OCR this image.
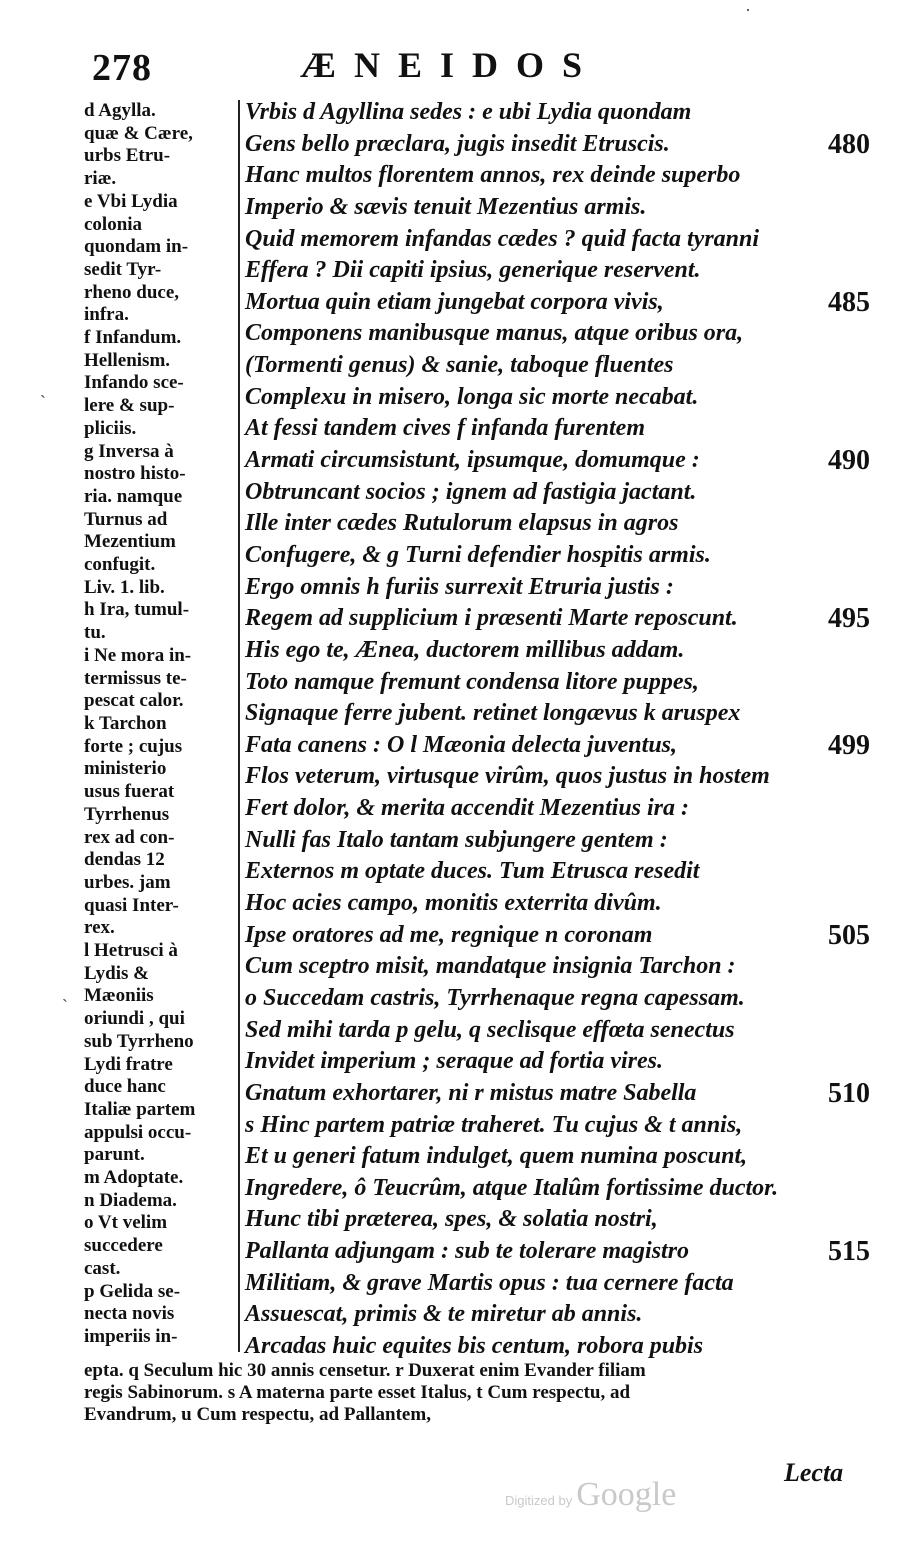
278	ÆNEIDOS
d Agylla.
quæ & Cære,
urbs Etru-
riæ.
e Vbi Lydia
colonia
quondam in-
sedit Tyr-
rheno duce,
infra.
f Infandum.
Hellenism.
Infando sce-
lere & sup-
pliciis.
g Inversa à
nostro histo-
ria. namque
Turnus ad
Mezentium
confugit.
Liv. 1. lib.
h Ira, tumul-
tu.
i Ne mora in-
termissus te-
pescat calor.
k Tarchon
forte ; cujus
ministerio
usus fuerat
Tyrrhenus
rex ad con-
dendas 12
urbes. jam
quasi Inter-
rex.
l Hetrusci à
Lydis &
Mæoniis
oriundi , qui
sub Tyrrheno
Lydi fratre
duce hanc
Italiæ partem
appulsi occu-
parunt.
m Adoptate.
n Diadema.
o Vt velim
succedere
cast.
p Gelida se-
necta novis
imperiis in-
Vrbis d Agyllina sedes : e ubi Lydia quondam
Gens bello præclara, jugis insedit Etruscis.	480
Hanc multos florentem annos, rex deinde superbo
Imperio & sævis tenuit Mezentius armis.
Quid memorem infandas cædes ? quid facta tyranni
Effera ? Dii capiti ipsius, generique reservent.
Mortua quin etiam jungebat corpora vivis,	485
Componens manibusque manus, atque oribus ora,
(Tormenti genus) & sanie, taboque fluentes
Complexu in misero, longa sic morte necabat.
At fessi tandem cives f infanda furentem
Armati circumsistunt, ipsumque, domumque :	490
Obtruncant socios ; ignem ad fastigia jactant.
Ille inter cædes Rutulorum elapsus in agros
Confugere, & g Turni defendier hospitis armis.
Ergo omnis h furiis surrexit Etruria justis :
Regem ad supplicium i præsenti Marte reposcunt.	495
His ego te, Ænea, ductorem millibus addam.
Toto namque fremunt condensa litore puppes,
Signaque ferre jubent. retinet longævus k aruspex
Fata canens : O l Mæonia delecta juventus,	499
Flos veterum, virtusque virûm, quos justus in hostem
Fert dolor, & merita accendit Mezentius ira :
Nulli fas Italo tantam subjungere gentem :
Externos m optate duces. Tum Etrusca resedit
Hoc acies campo, monitis exterrita divûm.
Ipse oratores ad me, regnique n coronam	505
Cum sceptro misit, mandatque insignia Tarchon :
o Succedam castris, Tyrrhenaque regna capessam.
Sed mihi tarda p gelu, q seclisque effœta senectus
Invidet imperium ; seraque ad fortia vires.
Gnatum exhortarer, ni r mistus matre Sabella	510
s Hinc partem patriæ traheret. Tu cujus & t annis,
Et u generi fatum indulget, quem numina poscunt,
Ingredere, ô Teucrûm, atque Italûm fortissime ductor.
Hunc tibi præterea, spes, & solatia nostri,
Pallanta adjungam : sub te tolerare magistro	515
Militiam, & grave Martis opus : tua cernere facta
Assuescat, primis & te miretur ab annis.
Arcadas huic equites bis centum, robora pubis
epta. q Seculum hic 30 annis censetur. r Duxerat enim Evander filiam
regis Sabinorum. s A materna parte esset Italus, t Cum respectu, ad
Evandrum, u Cum respectu, ad Pallantem,
Lecta
Digitized by Google
ˎ
ˏ
·
